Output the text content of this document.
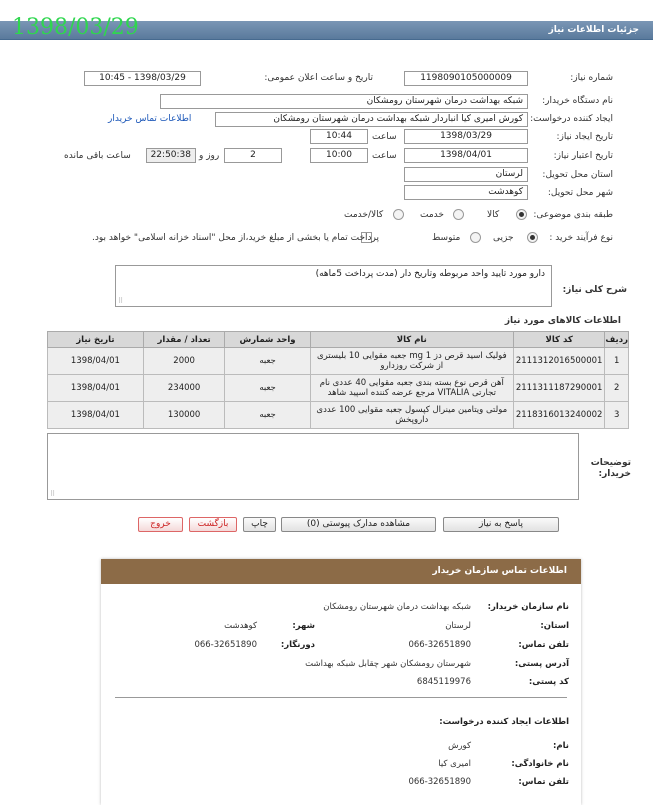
جزئیات اطلاعات نیاز
1398/03/29

شماره نیاز:
1198090105000009
تاریخ و ساعت اعلان عمومی:
1398/03/29 - 10:45
نام دستگاه خریدار:
شبکه بهداشت درمان شهرستان رومشکان
ایجاد کننده درخواست:
کورش امیری کیا انباردار شبکه بهداشت درمان شهرستان رومشکان
اطلاعات تماس خریدار
تاریخ ایجاد نیاز:
1398/03/29
ساعت
10:44
تاریخ اعتبار نیاز:
1398/04/01
ساعت
10:00
2
روز و
22:50:38
ساعت باقی مانده
استان محل تحویل:
لرستان
شهر محل تحویل:
کوهدشت
طبقه بندی موضوعی:
کالا
خدمت
کالا/خدمت
نوع فرآیند خرید :
جزیی
متوسط
پرداخت تمام یا بخشی از مبلغ خرید،از محل "اسناد خزانه اسلامی" خواهد بود.
شرح کلی نیاز:
دارو مورد تایید واحد مربوطه وتاریخ دار (مدت پرداخت 5ماهه)
⠿
اطلاعات کالاهای مورد نیاز
ردیف	کد کالا	نام کالا	واحد شمارش	تعداد / مقدار	تاریخ نیاز
1	2111312016500001	فولیک اسید قرص دز 1 mg جعبه مقوایی 10 بلیستری از شرکت روزدارو	جعبه	2000	1398/04/01
2	2111311187290001	آهن قرص نوع بسته بندی جعبه مقوایی 40 عددی نام تجارتی VITALIA مرجع عرضه کننده اسپید شاهد	جعبه	234000	1398/04/01
3	2118316013240002	مولتی ویتامین مینرال کپسول جعبه مقوایی 100 عددی داروپخش	جعبه	130000	1398/04/01
توضیحات خریدار:
⠿
پاسخ به نیاز
مشاهده مدارک پیوستی (0)
چاپ
بازگشت
خروج
اطلاعات تماس سازمان خریدار
نام سازمان خریدار:
شبکه بهداشت درمان شهرستان رومشکان
استان:
لرستان
شهر:
کوهدشت
تلفن تماس:
066-32651890
دورنگار:
066-32651890
آدرس پستی:
شهرستان رومشکان شهر چقابل شبکه بهداشت
کد پستی:
6845119976
اطلاعات ایجاد کننده درخواست:
نام:
کورش
نام خانوادگی:
امیری کیا
تلفن تماس:
066-32651890
